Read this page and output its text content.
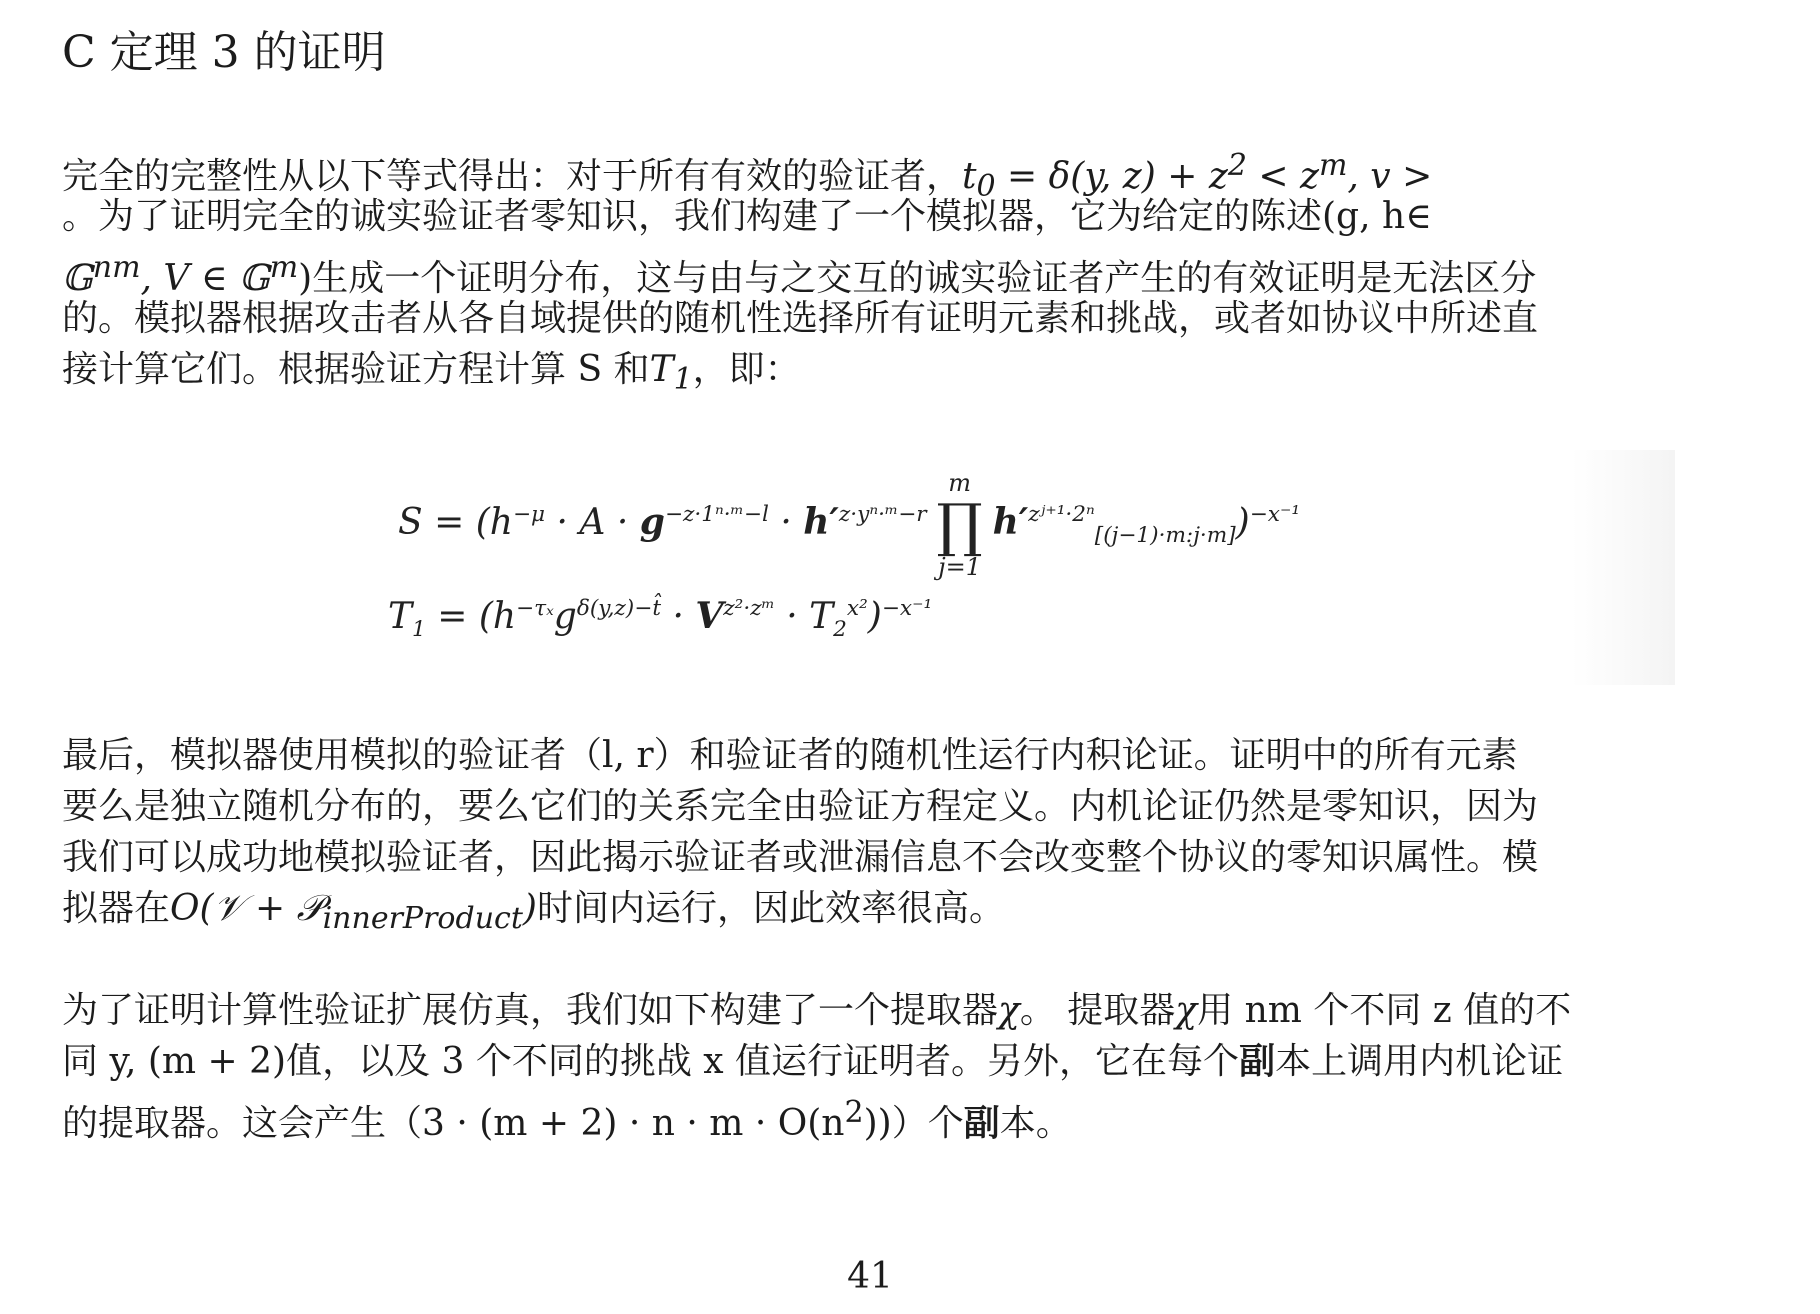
C 定理 3 的证明
完全的完整性从以下等式得出：对于所有有效的验证者，$t_0 = \delta(y$, $z) + z^2 < z^m$, v >
。为了证明完全的诚实验证者零知识，我们构建了一个模拟器，它为给定的陈述(g, h∈
𝔾$^{nm}$, V ∈ 𝔾$^m$)生成一个证明分布，这与由与之交互的诚实验证者产生的有效证明是无法区分
的。模拟器根据攻击者从各自域提供的随机性选择所有证明元素和挑战，或者如协议中所述直
接计算它们。根据验证方程计算 S 和$T_1$，即：
$S = (h^{-\mu} \cdot A \cdot g^{-z\cdot 1^n\cdot ᵐ-l} \cdot h'^{z\cdot y^n\cdot ᵐ-r}$
m
∏
j=1
$h'^{zʲ^{+1}\cdot 2^n}_{[(j-1)\cdot m:j\cdot m]})^{-x^{-1}}$
$T_1 = (h^{-\tau_x}g^{\delta(y,z)-t̂} \cdot V^{z^2\cdot zᵐ} \cdot T_2^{x^2})^{-x^{-1}}$
最后，模拟器使用模拟的验证者（l, r）和验证者的随机性运行内积论证。证明中的所有元素
要么是独立随机分布的，要么它们的关系完全由验证方程定义。内机论证仍然是零知识，因为
我们可以成功地模拟验证者，因此揭示验证者或泄漏信息不会改变整个协议的零知识属性。模
拟器在O(𝒱 + 𝒫$_{innerProduct}$)时间内运行，因此效率很高。
为了证明计算性验证扩展仿真，我们如下构建了一个提取器χ。 提取器χ用 nm 个不同 z 值的不
同 y, (m + 2)值，以及 3 个不同的挑战 x 值运行证明者。另外，它在每个副本上调用内机论证
的提取器。这会产生$(3 \cdot (m + 2) \cdot n \cdot m \cdot O(n^2))$）个副本。
41
